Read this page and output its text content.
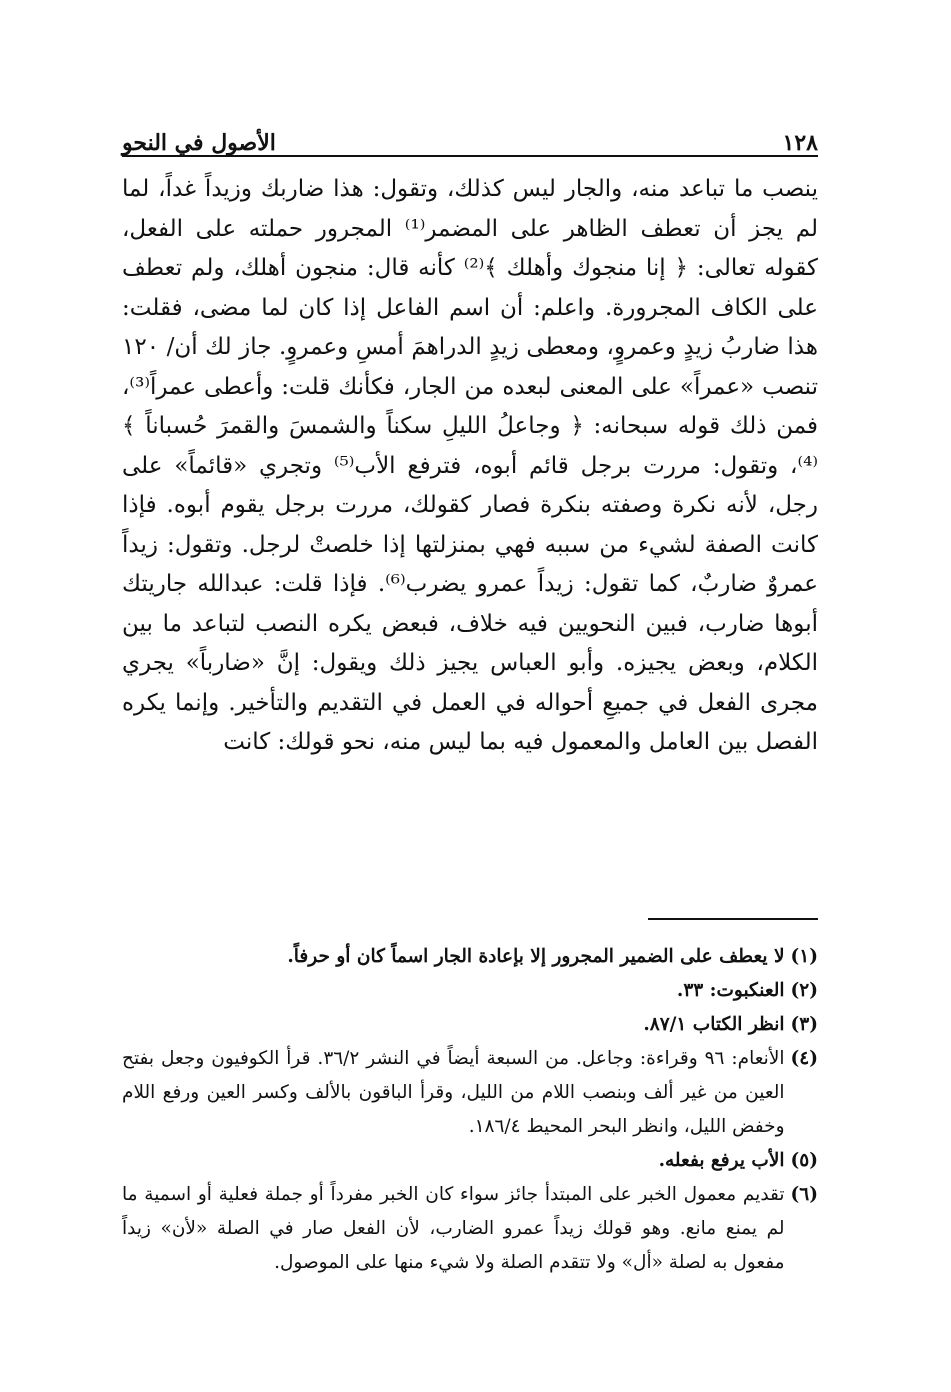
١٢٨
الأصول في النحو

ينصب ما تباعد منه، والجار ليس كذلك، وتقول: هذا ضاربك وزيداً غداً، لما لم يجز أن تعطف الظاهر على المضمر⁽¹⁾ المجرور حملته على الفعل، كقوله تعالى: ﴿ إنا منجوك وأهلك ﴾⁽²⁾ كأنه قال: منجون أهلك، ولم تعطف على الكاف المجرورة. واعلم: أن اسم الفاعل إذا كان لما مضى، فقلت: هذا ضاربُ زيدٍ وعمروٍ، ومعطى زيدٍ الدراهمَ أمسِ وعمروٍ. جاز لك أن/ ١٢٠ تنصب «عمراً» على المعنى لبعده من الجار، فكأنك قلت: وأعطى عمراً⁽³⁾، فمن ذلك قوله سبحانه: ﴿ وجاعلُ الليلِ سكناً والشمسَ والقمرَ حُسباناً ﴾⁽⁴⁾، وتقول: مررت برجل قائم أبوه، فترفع الأب⁽⁵⁾ وتجري «قائماً» على رجل، لأنه نكرة وصفته بنكرة فصار كقولك، مررت برجل يقوم أبوه. فإذا كانت الصفة لشيء من سببه فهي بمنزلتها إذا خلصتْ لرجل. وتقول: زيداً عمروٌ ضاربٌ، كما تقول: زيداً عمرو يضرب⁽⁶⁾. فإذا قلت: عبدالله جاريتك أبوها ضارب، فبين النحويين فيه خلاف، فبعض يكره النصب لتباعد ما بين الكلام، وبعض يجيزه. وأبو العباس يجيز ذلك ويقول: إنَّ «ضارباً» يجري مجرى الفعل في جميعِ أحواله في العمل في التقديم والتأخير. وإنما يكره الفصل بين العامل والمعمول فيه بما ليس منه، نحو قولك: كانت

(١)
لا يعطف على الضمير المجرور إلا بإعادة الجار اسماً كان أو حرفاً.
(٢)
العنكبوت: ٣٣.
(٣)
انظر الكتاب ٨٧/١.
(٤)
الأنعام: ٩٦ وقراءة: وجاعل. من السبعة أيضاً في النشر ٣٦/٢. قرأ الكوفيون وجعل بفتح العين من غير ألف وبنصب اللام من الليل، وقرأ الباقون بالألف وكسر العين ورفع اللام وخفض الليل، وانظر البحر المحيط ١٨٦/٤.
(٥)
الأب يرفع بفعله.
(٦)
تقديم معمول الخبر على المبتدأ جائز سواء كان الخبر مفرداً أو جملة فعلية أو اسمية ما لم يمنع مانع. وهو قولك زيداً عمرو الضارب، لأن الفعل صار في الصلة «لأن» زيداً مفعول به لصلة «أل» ولا تتقدم الصلة ولا شيء منها على الموصول.
